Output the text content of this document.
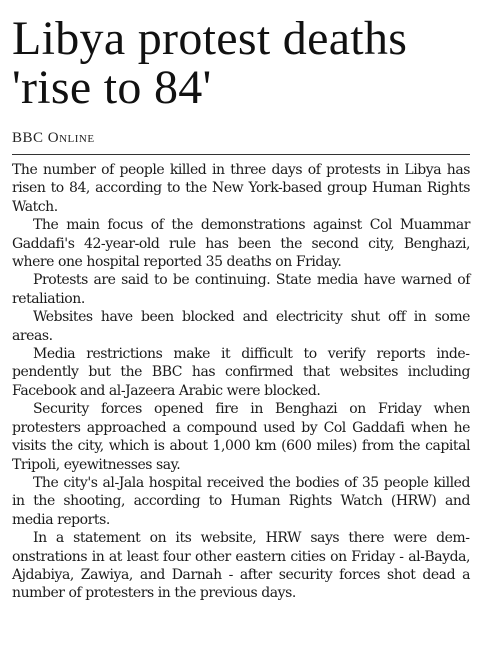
Libya protest deaths 'rise to 84'
BBC Online

The number of people killed in three days of protests in Libya has risen to 84, according to the New York-based group Human Rights Watch.

The main focus of the demonstrations against Col Muammar Gaddafi's 42-year-old rule has been the second city, Benghazi, where one hospital reported 35 deaths on Friday.

Protests are said to be continuing. State media have warned of retaliation.

Websites have been blocked and electricity shut off in some areas.

Media restrictions make it difficult to verify reports independently but the BBC has confirmed that websites including Facebook and al-Jazeera Arabic were blocked.

Security forces opened fire in Benghazi on Friday when protesters approached a compound used by Col Gaddafi when he visits the city, which is about 1,000 km (600 miles) from the capital Tripoli, eyewitnesses say.

The city's al-Jala hospital received the bodies of 35 people killed in the shooting, according to Human Rights Watch (HRW) and media reports.

In a statement on its website, HRW says there were demonstrations in at least four other eastern cities on Friday - al-Bayda, Ajdabiya, Zawiya, and Darnah - after security forces shot dead a number of protesters in the previous days.
